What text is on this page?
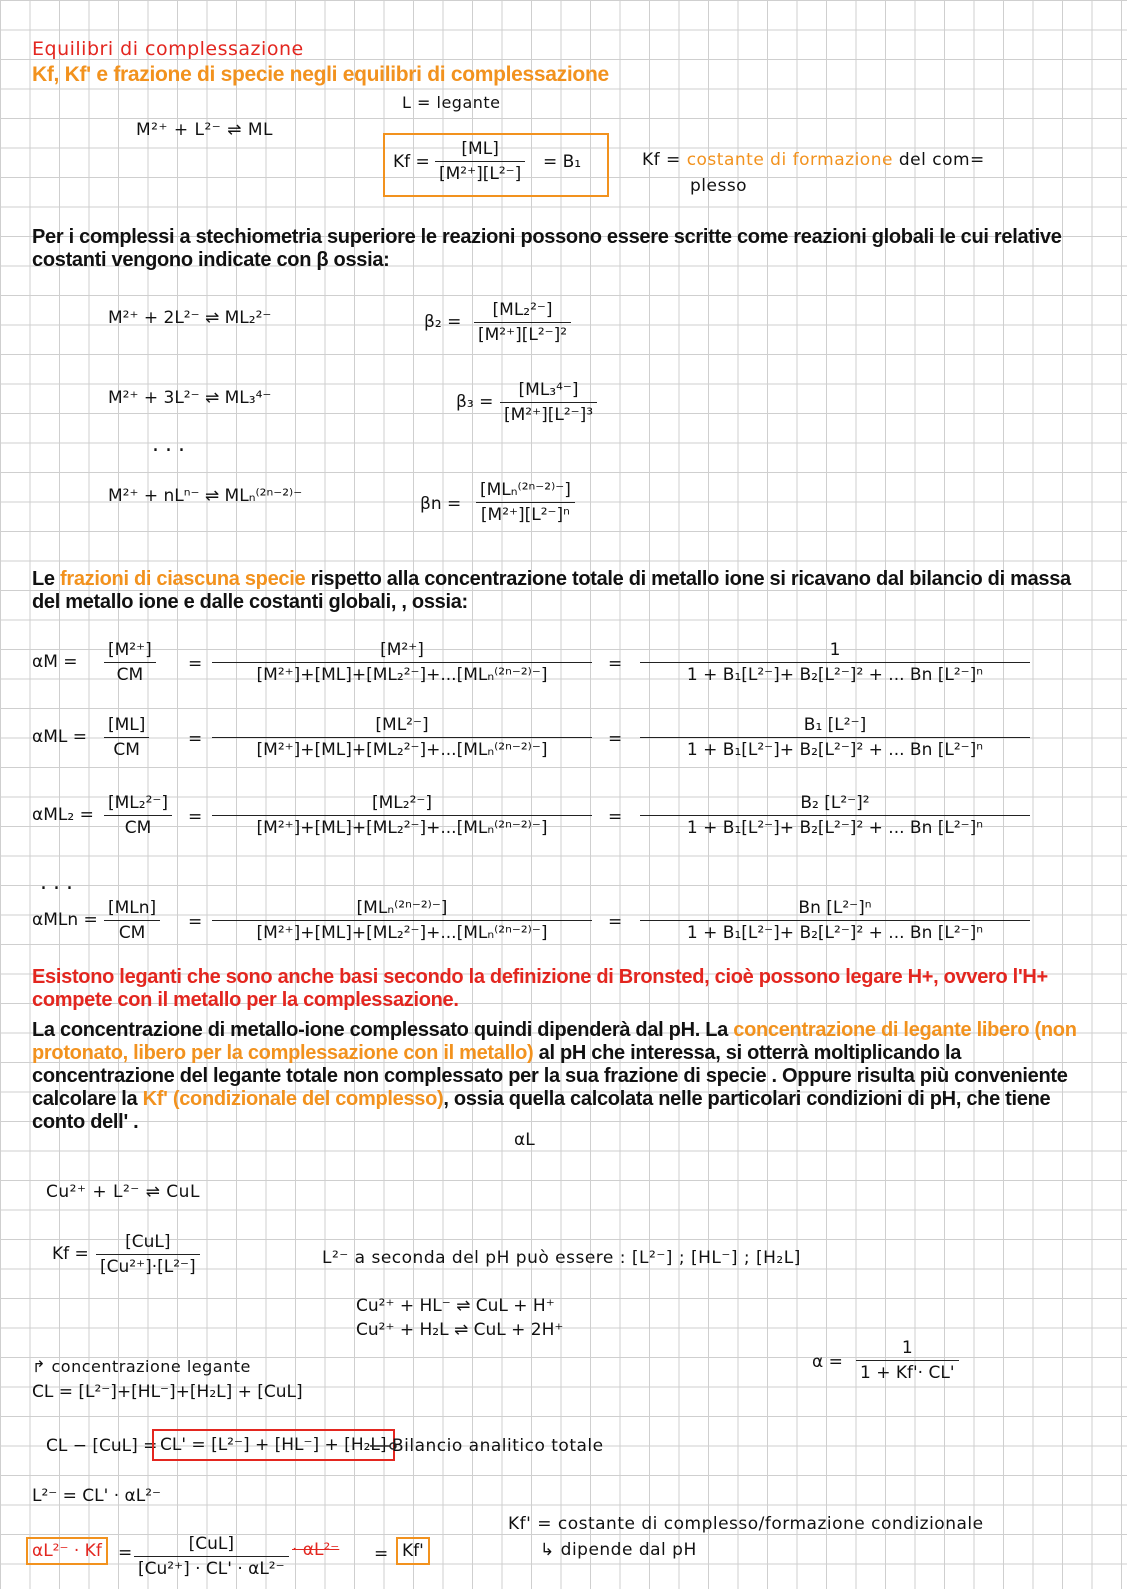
Equilibri di complessazione
Kf, Kf' e frazione di specie negli equilibri di complessazione
L = legante
M²⁺ + L²⁻ ⇌ ML
Kf =
[ML]
[M²⁺][L²⁻]
= B₁	Kf = costante di formazione del com=
plesso
Per i complessi a stechiometria superiore le reazioni possono essere scritte come reazioni globali le cui relative costanti vengono indicate con β ossia:
M²⁺ + 2L²⁻ ⇌ ML₂²⁻	β₂ =
[ML₂²⁻]
[M²⁺][L²⁻]²
M²⁺ + 3L²⁻ ⇌ ML₃⁴⁻	β₃ =
[ML₃⁴⁻]
[M²⁺][L²⁻]³
...
M²⁺ + nLⁿ⁻ ⇌ MLₙ⁽²ⁿ⁻²⁾⁻	βn =
[MLₙ⁽²ⁿ⁻²⁾⁻]
[M²⁺][L²⁻]ⁿ
Le frazioni di ciascuna specie rispetto alla concentrazione totale di metallo ione si ricavano dal bilancio di massa del metallo ione e dalle costanti globali, , ossia:
αM =
[M²⁺]
CM
=
[M²⁺]
[M²⁺]+[ML]+[ML₂²⁻]+...[MLₙ⁽²ⁿ⁻²⁾⁻]
=
1
1 + B₁[L²⁻]+ B₂[L²⁻]² + ... Bn [L²⁻]ⁿ
αML =
[ML]
CM
=
[ML²⁻]
[M²⁺]+[ML]+[ML₂²⁻]+...[MLₙ⁽²ⁿ⁻²⁾⁻]
=
B₁ [L²⁻]
1 + B₁[L²⁻]+ B₂[L²⁻]² + ... Bn [L²⁻]ⁿ
αML₂ =
[ML₂²⁻]
CM
=
[ML₂²⁻]
[M²⁺]+[ML]+[ML₂²⁻]+...[MLₙ⁽²ⁿ⁻²⁾⁻]
=
B₂ [L²⁻]²
1 + B₁[L²⁻]+ B₂[L²⁻]² + ... Bn [L²⁻]ⁿ
αMLn =
[MLn]
CM
=
[MLₙ⁽²ⁿ⁻²⁾⁻]
[M²⁺]+[ML]+[ML₂²⁻]+...[MLₙ⁽²ⁿ⁻²⁾⁻]
=
Bn [L²⁻]ⁿ
1 + B₁[L²⁻]+ B₂[L²⁻]² + ... Bn [L²⁻]ⁿ
...
Esistono leganti che sono anche basi secondo la definizione di Bronsted, cioè possono legare H+, ovvero l'H+ compete con il metallo per la complessazione.
La concentrazione di metallo-ione complessato quindi dipenderà dal pH. La concentrazione di legante libero (non protonato, libero per la complessazione con il metallo) al pH che interessa, si otterrà moltiplicando la concentrazione del legante totale non complessato per la sua frazione di specie . Oppure risulta più conveniente calcolare la Kf' (condizionale del complesso), ossia quella calcolata nelle particolari condizioni di pH, che tiene conto dell' .
αL
Cu²⁺ + L²⁻ ⇌ CuL
Kf =
[CuL]
[Cu²⁺]·[L²⁻]	L²⁻ a seconda del pH può essere : [L²⁻] ; [HL⁻] ; [H₂L]
Cu²⁺ + HL⁻ ⇌ CuL + H⁺
Cu²⁺ + H₂L ⇌ CuL + 2H⁺
↱ concentrazione legante
CL = [L²⁻]+[HL⁻]+[H₂L] + [CuL]
α =
1
1 + Kf'· CL'
CL − [CuL] = CL' = [L²⁻] + [HL⁻] + [H₂L] Bilancio analitico totale
L²⁻ = CL' · αL²⁻
Kf' = costante di complesso/formazione condizionale
↳ dipende dal pH
αL²⁻ · Kf =	[CuL]
[Cu²⁺] · CL' · αL²⁻
· αL²⁻ = Kf'
